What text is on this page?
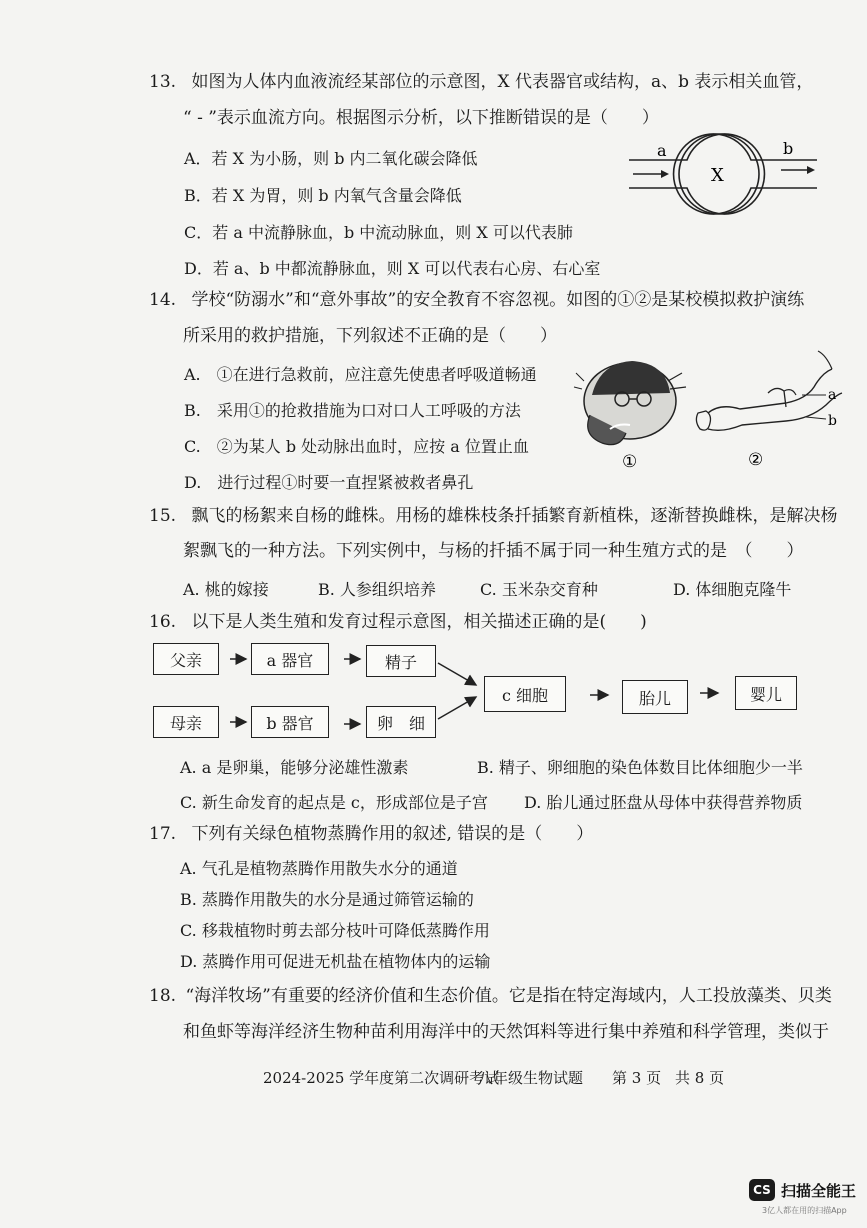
13. 如图为人体内血液流经某部位的示意图，X 代表器官或结构，a、b 表示相关血管，
“ - ”表示血流方向。根据图示分析，以下推断错误的是（　　）
A．若 X 为小肠，则 b 内二氧化碳会降低
B．若 X 为胃，则 b 内氧气含量会降低
C．若 a 中流静脉血，b 中流动脉血，则 X 可以代表肺
D．若 a、b 中都流静脉血，则 X 可以代表右心房、右心室
a	b
X
14. 学校“防溺水”和“意外事故”的安全教育不容忽视。如图的①②是某校模拟救护演练
所采用的救护措施，下列叙述不正确的是（　　）
A.　①在进行急救前，应注意先使患者呼吸道畅通
B.　采用①的抢救措施为口对口人工呼吸的方法
C.　②为某人 b 处动脉出血时，应按 a 位置止血
D.　进行过程①时要一直捏紧被救者鼻孔
①
a
b
②
15. 飘飞的杨絮来自杨的雌株。用杨的雄株枝条扦插繁育新植株，逐渐替换雌株，是解决杨
絮飘飞的一种方法。下列实例中，与杨的扦插不属于同一种生殖方式的是　（　　）
A. 桃的嫁接	B. 人参组织培养	C. 玉米杂交育种	D. 体细胞克隆牛
16. 以下是人类生殖和发育过程示意图，相关描述正确的是(　　)
父亲	a 器官	精子
母亲	b 器官	卵　细
c 细胞	胎儿	婴儿
A. a 是卵巢，能够分泌雄性激素	B. 精子、卵细胞的染色体数目比体细胞少一半
C. 新生命发育的起点是 c，形成部位是子宫 D. 胎儿通过胚盘从母体中获得营养物质
17. 下列有关绿色植物蒸腾作用的叙述, 错误的是（　　）
A. 气孔是植物蒸腾作用散失水分的通道
B. 蒸腾作用散失的水分是通过筛管运输的
C. 移栽植物时剪去部分枝叶可降低蒸腾作用
D. 蒸腾作用可促进无机盐在植物体内的运输
18. “海洋牧场”有重要的经济价值和生态价值。它是指在特定海域内，人工投放藻类、贝类
和鱼虾等海洋经济生物种苗利用海洋中的天然饵料等进行集中养殖和科学管理，类似于
2024-2025 学年度第二次调研考试
八年级生物试题 第 3 页 共 8 页
CS 扫描全能王
3亿人都在用的扫描App
